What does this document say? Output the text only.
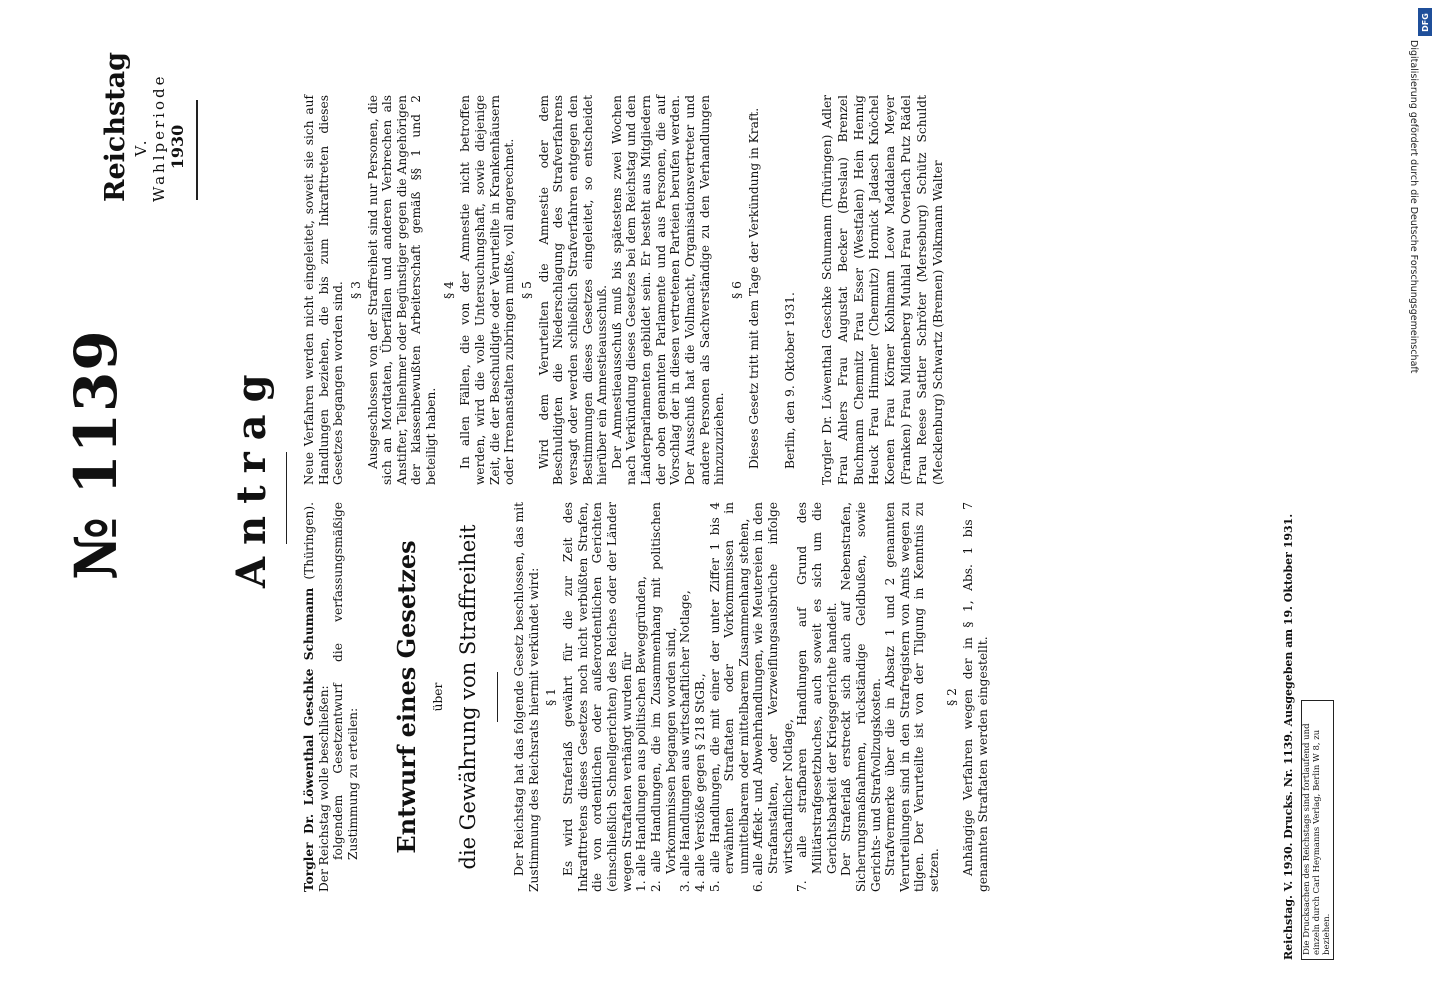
DFG
Digitalisierung gefördert durch die Deutsche Forschungsgemeinschaft
№ 1139
Reichstag V. Wahlperiode 1930
Antrag

Torgler Dr. Löwenthal Geschke Schumann (Thüringen). Der Reichstag wolle beschließen: folgendem Gesetzentwurf die verfassungsmäßige Zustimmung zu erteilen: Entwurf eines Gesetzes über die Gewährung von Straffreiheit	Der Reichstag hat das folgende Gesetz beschlossen, das mit Zustimmung des Reichsrats hiermit verkündet wird: § 1 Es wird Straferlaß gewährt für die zur Zeit des Inkrafttretens dieses Gesetzes noch nicht verbüßten Strafen, die von ordentlichen oder außerordentlichen Gerichten (einschließlich Schnellgerichten) des Reiches oder der Länder wegen Straftaten verhängt wurden für 1. alle Handlungen aus politischen Beweggründen, 2. alle Handlungen, die im Zusammenhang mit politischen Vorkommnissen begangen worden sind, 3. alle Handlungen aus wirtschaftlicher Notlage, 4. alle Verstöße gegen § 218 StGB., 5. alle Handlungen, die mit einer der unter Ziffer 1 bis 4 erwähnten Straftaten oder Vorkommnissen in unmittelbarem oder mittelbarem Zusammenhang stehen, 6. alle Affekt- und Abwehrhandlungen, wie Meutereien in den Strafanstalten, oder Verzweiflungsausbrüche infolge wirtschaftlicher Notlage, 7. alle strafbaren Handlungen auf Grund des Militärstrafgesetzbuches, auch soweit es sich um die Gerichtsbarkeit der Kriegsgerichte handelt. Der Straferlaß erstreckt sich auch auf Nebenstrafen, Sicherungsmaßnahmen, rückständige Geldbußen, sowie Gerichts- und Strafvollzugskosten. Strafvermerke über die in Absatz 1 und 2 genannten Verurteilungen sind in den Strafregistern von Amts wegen zu tilgen. Der Verurteilte ist von der Tilgung in Kenntnis zu setzen.

§ 2 Anhängige Verfahren wegen der in § 1, Abs. 1 bis 7 genannten Straftaten werden eingestellt.

Neue Verfahren werden nicht eingeleitet, soweit sie sich auf Handlungen beziehen, die bis zum Inkrafttreten dieses Gesetzes begangen worden sind. § 3 Ausgeschlossen von der Straffreiheit sind nur Personen, die sich an Mordtaten, Überfällen und anderen Verbrechen als Anstifter, Teilnehmer oder Begünstiger gegen die Angehörigen der klassenbewußten Arbeiterschaft gemäß §§ 1 und 2 beteiligt haben.

§ 4 In allen Fällen, die von der Amnestie nicht betroffen werden, wird die volle Untersuchungshaft, sowie diejenige Zeit, die der Beschuldigte oder Verurteilte in Krankenhäusern oder Irrenanstalten zubringen mußte, voll angerechnet. § 5 Wird dem Verurteilten die Amnestie oder dem Beschuldigten die Niederschlagung des Strafverfahrens versagt oder werden schließlich Strafverfahren entgegen den Bestimmungen dieses Gesetzes eingeleitet, so entscheidet hierüber ein Amnestieausschuß. Der Amnestieausschuß muß bis spätestens zwei Wochen nach Verkündung dieses Gesetzes bei dem Reichstag und den Länderparlamenten gebildet sein. Er besteht aus Mitgliedern der oben genannten Parlamente und aus Personen, die auf Vorschlag der in diesen vertretenen Parteien berufen werden. Der Ausschuß hat die Vollmacht, Organisationsvertreter und andere Personen als Sachverständige zu den Verhandlungen hinzuzuziehen.

§ 6 Dieses Gesetz tritt mit dem Tage der Verkündung in Kraft. Berlin, den 9. Oktober 1931. Torgler Dr. Löwenthal Geschke Schumann (Thüringen) Adler Frau Ahlers Frau Augustat Becker (Breslau) Brenzel Buchmann Chemnitz Frau Esser (Westfalen) Hein Hennig Heuck Frau Himmler (Chemnitz) Hornick Jadasch Knöchel Koenen Frau Körner Kohlmann Leow Maddalena Meyer (Franken) Frau Mildenberg Muhlal Frau Overlach Putz Rädel Frau Reese Sattler Schröter (Merseburg) Schütz Schuldt (Mecklenburg) Schwartz (Bremen) Volkmann Walter

Reichstag. V. 1930. Drucks. Nr. 1139. Ausgegeben am 19. Oktober 1931. Die Drucksachen des Reichstags sind fortlaufend und einzeln durch Carl Heymanns Verlag, Berlin W 8, zu beziehen.
